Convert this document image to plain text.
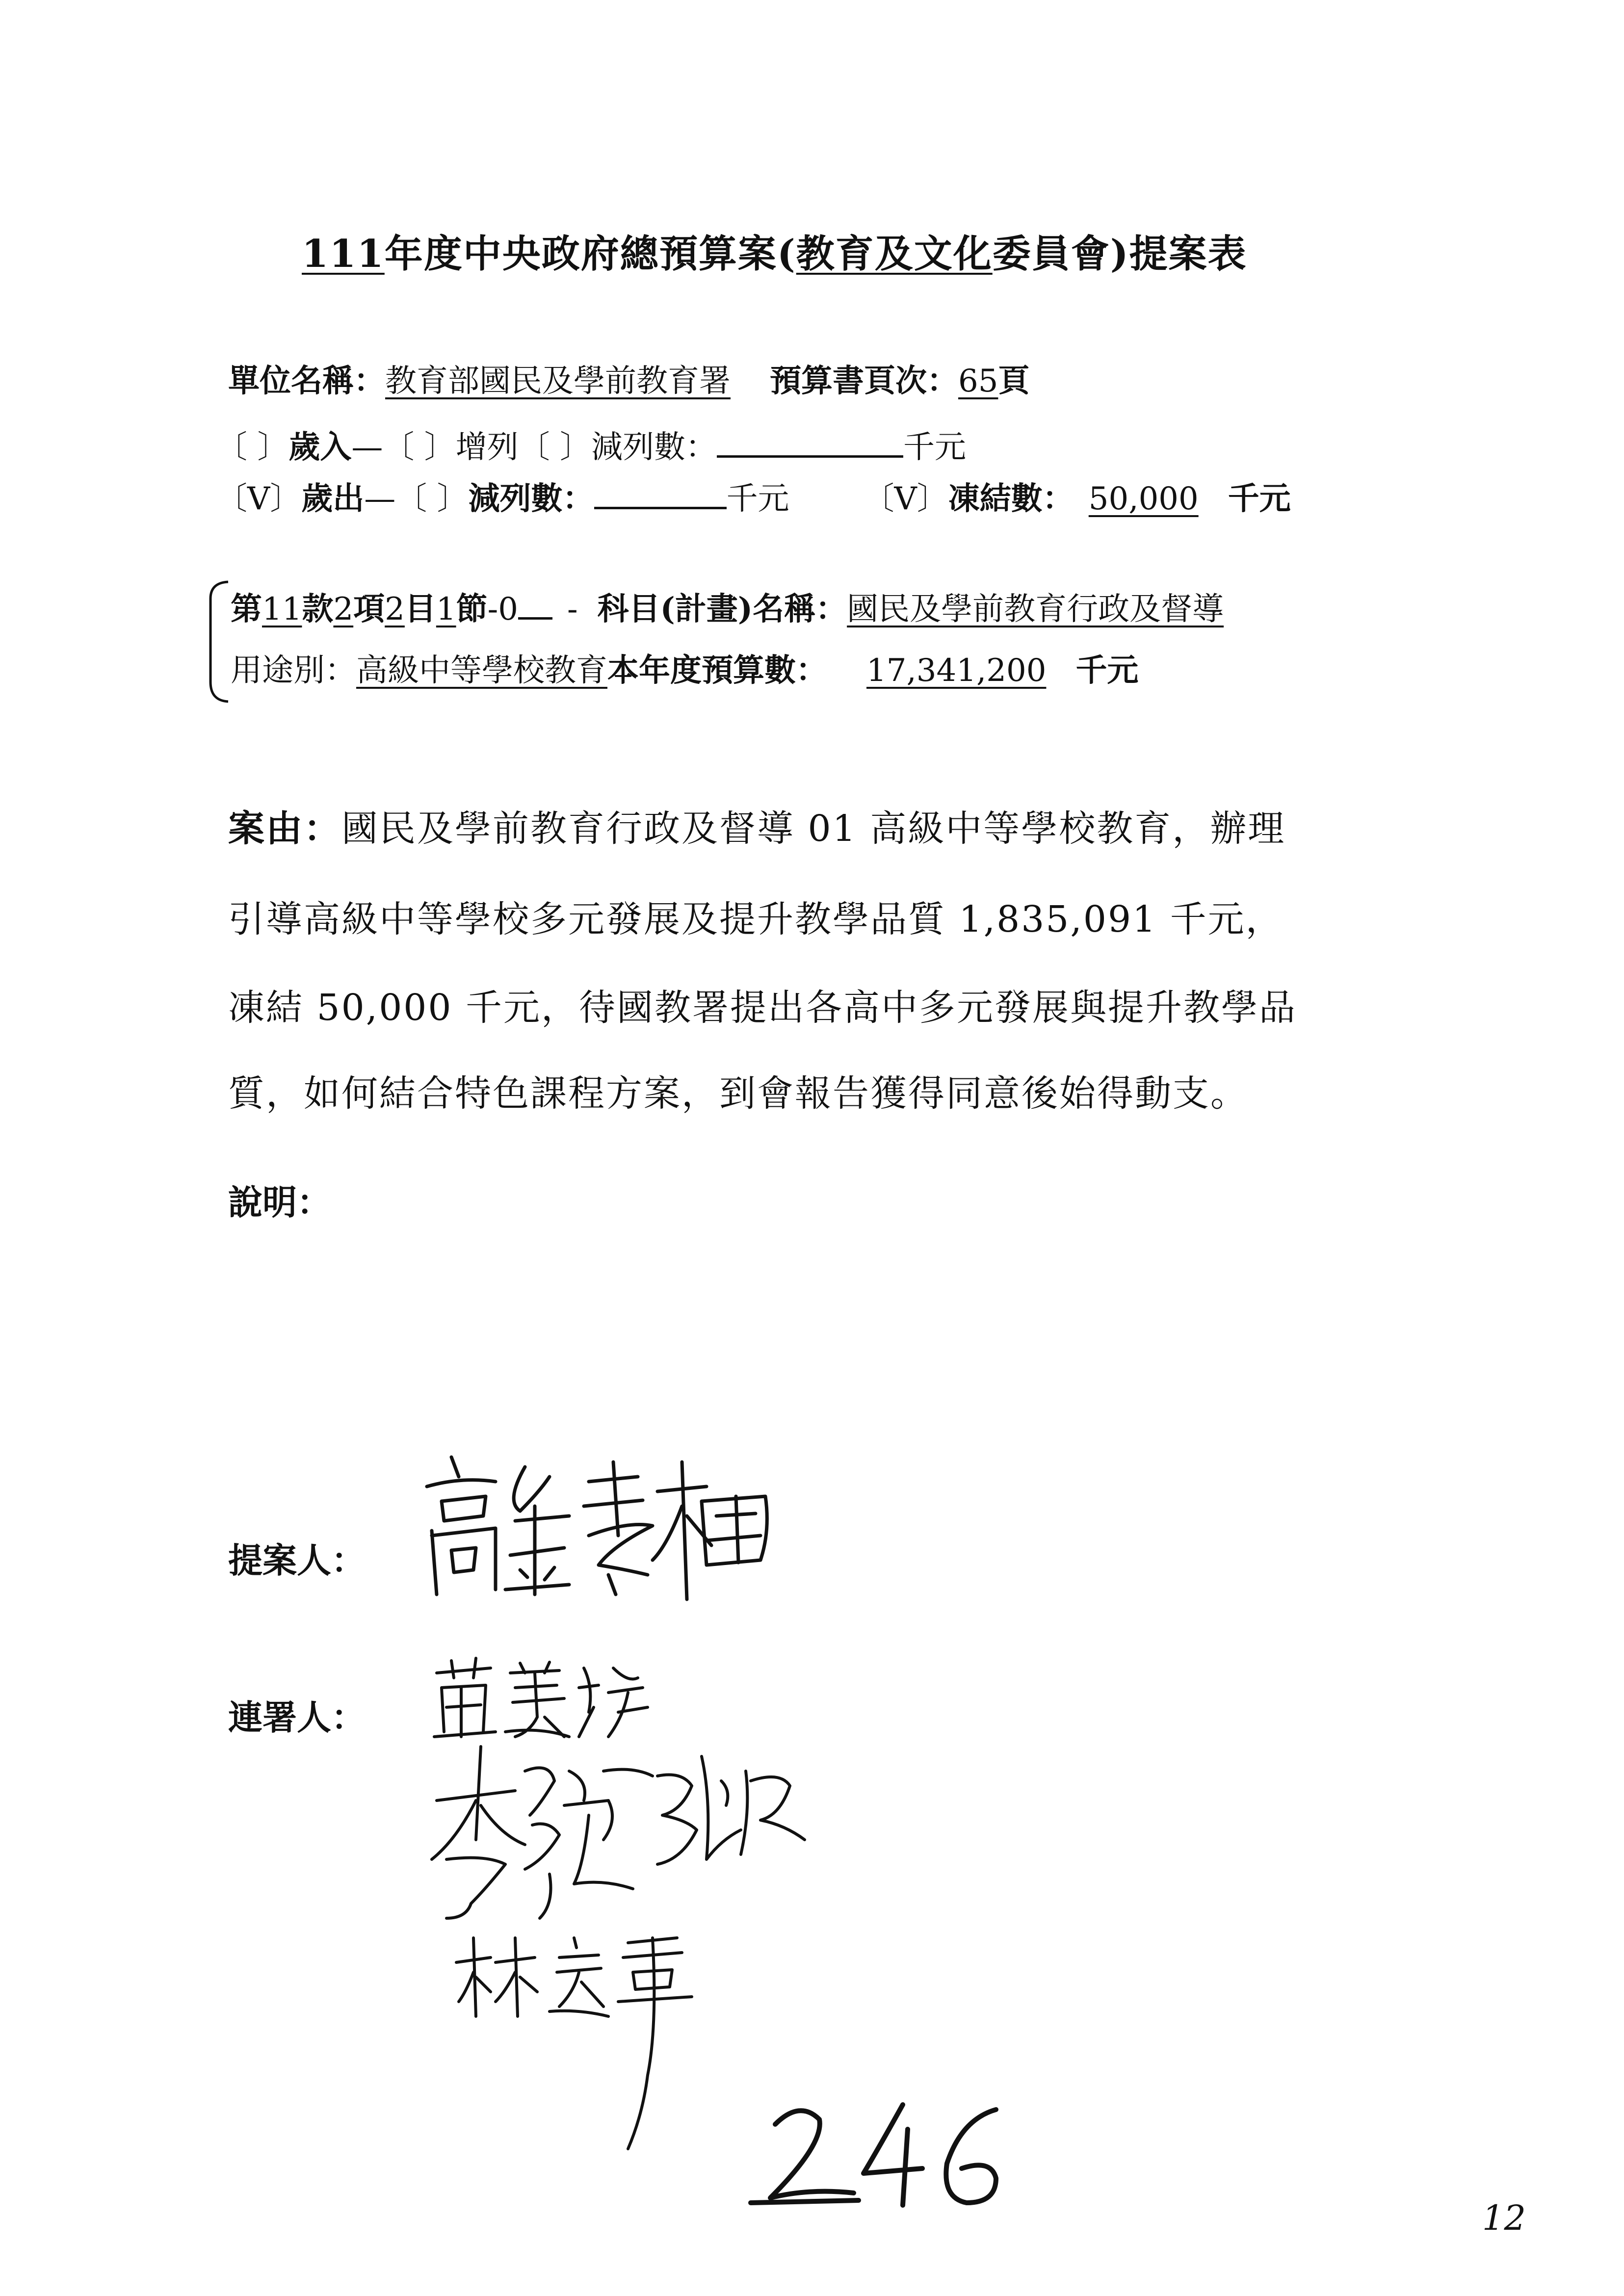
111年度中央政府總預算案(教育及文化委員會)提案表
單位名稱：教育部國民及學前教育署 預算書頁次：65頁
〔 〕歲入—〔 〕增列〔 〕減列數：	千元
〔V〕歲出—〔 〕減列數：	千元 〔V〕凍結數： 50,000 千元
第11款2項2目1節-0 - 科目(計畫)名稱：國民及學前教育行政及督導
用途別：高級中等學校教育本年度預算數： 17,341,200 千元
案由：國民及學前教育行政及督導 01 高級中等學校教育，辦理
引導高級中等學校多元發展及提升教學品質 1,835,091 千元，
凍結 50,000 千元，待國教署提出各高中多元發展與提升教學品
質，如何結合特色課程方案，到會報告獲得同意後始得動支。
說明：
提案人：
連署人：
12
